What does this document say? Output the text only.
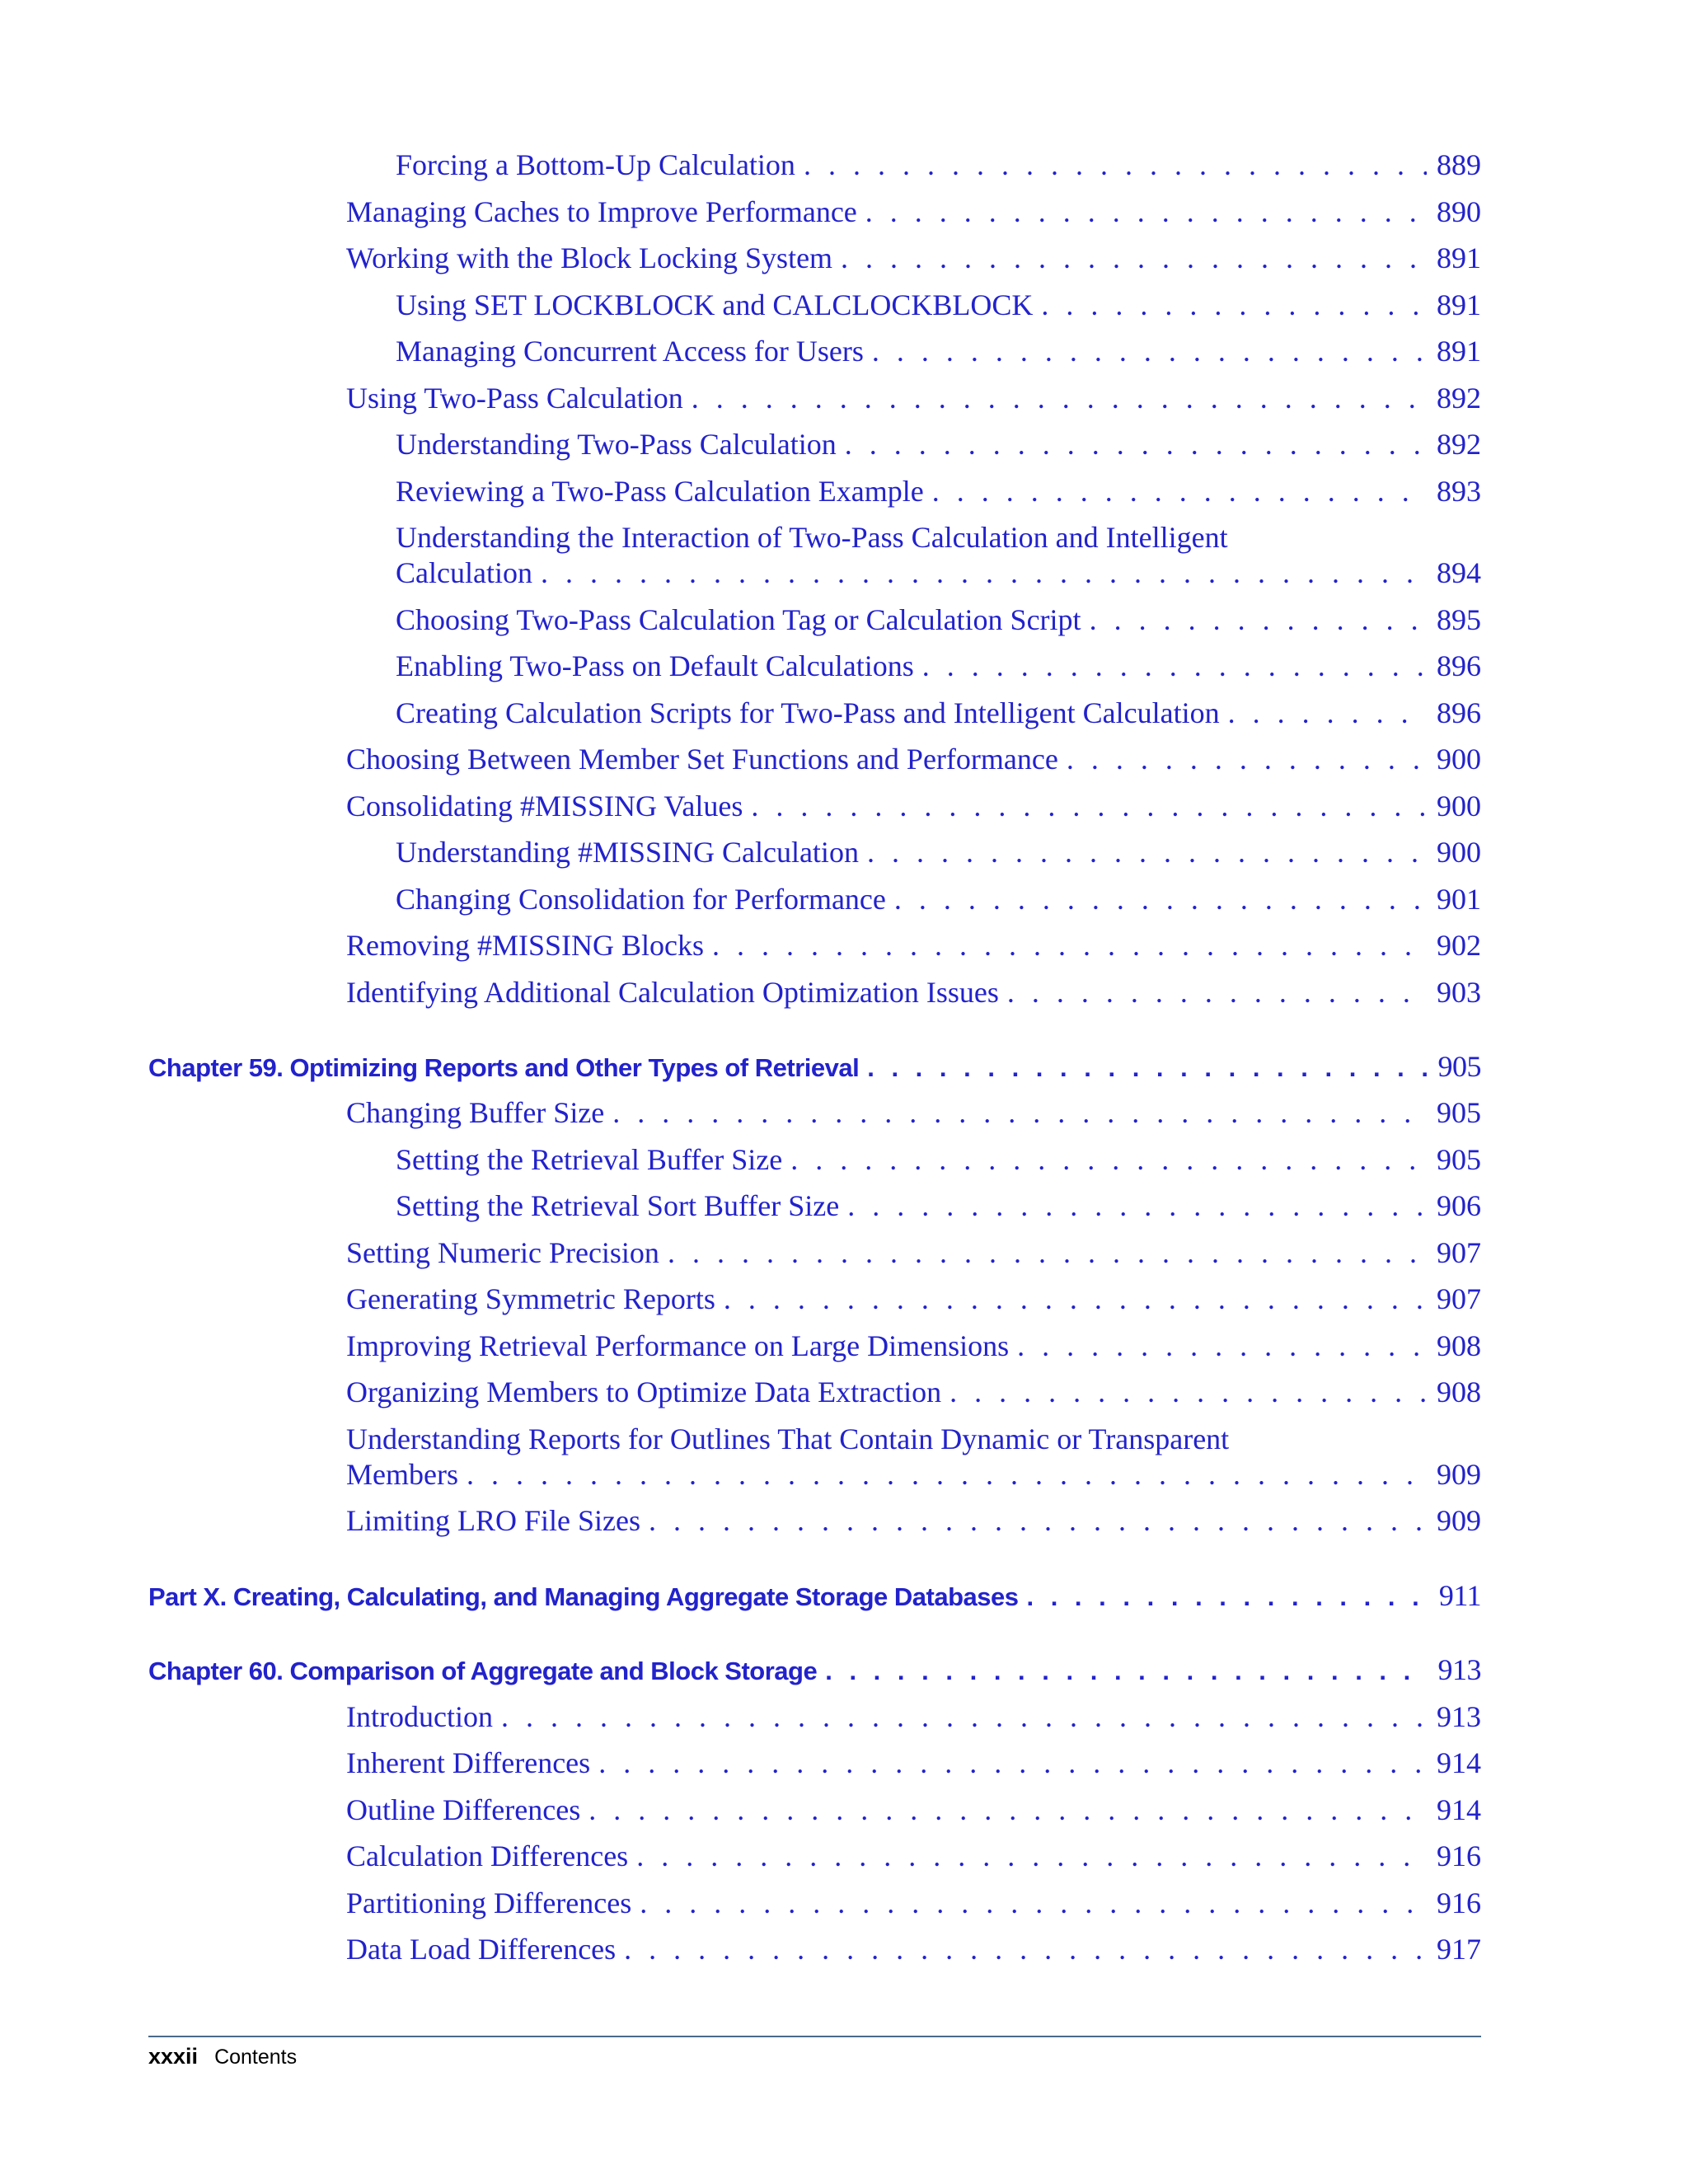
Forcing a Bottom-Up Calculation . . .	889
Managing Caches to Improve Performance . . .	890
Working with the Block Locking System . . .	891
Using SET LOCKBLOCK and CALCLOCKBLOCK . . .	891
Managing Concurrent Access for Users . . .	891
Using Two-Pass Calculation . . .	892
Understanding Two-Pass Calculation . . .	892
Reviewing a Two-Pass Calculation Example . . .	893
Understanding the Interaction of Two-Pass Calculation and Intelligent
Calculation . . .	894
Choosing Two-Pass Calculation Tag or Calculation Script . . .	895
Enabling Two-Pass on Default Calculations . . .	896
Creating Calculation Scripts for Two-Pass and Intelligent Calculation . . .	896
Choosing Between Member Set Functions and Performance . . .	900
Consolidating #MISSING Values . . .	900
Understanding #MISSING Calculation . . .	900
Changing Consolidation for Performance . . .	901
Removing #MISSING Blocks . . .	902
Identifying Additional Calculation Optimization Issues . . .	903
Chapter 59. Optimizing Reports and Other Types of Retrieval . . .	905
Changing Buffer Size . . .	905
Setting the Retrieval Buffer Size . . .	905
Setting the Retrieval Sort Buffer Size . . .	906
Setting Numeric Precision . . .	907
Generating Symmetric Reports . . .	907
Improving Retrieval Performance on Large Dimensions . . .	908
Organizing Members to Optimize Data Extraction . . .	908
Understanding Reports for Outlines That Contain Dynamic or Transparent
Members . . .	909
Limiting LRO File Sizes . . .	909
Part X. Creating, Calculating, and Managing Aggregate Storage Databases . . .	911
Chapter 60. Comparison of Aggregate and Block Storage . . .	913
Introduction . . .	913
Inherent Differences . . .	914
Outline Differences . . .	914
Calculation Differences . . .	916
Partitioning Differences . . .	916
Data Load Differences . . .	917
xxxii Contents
